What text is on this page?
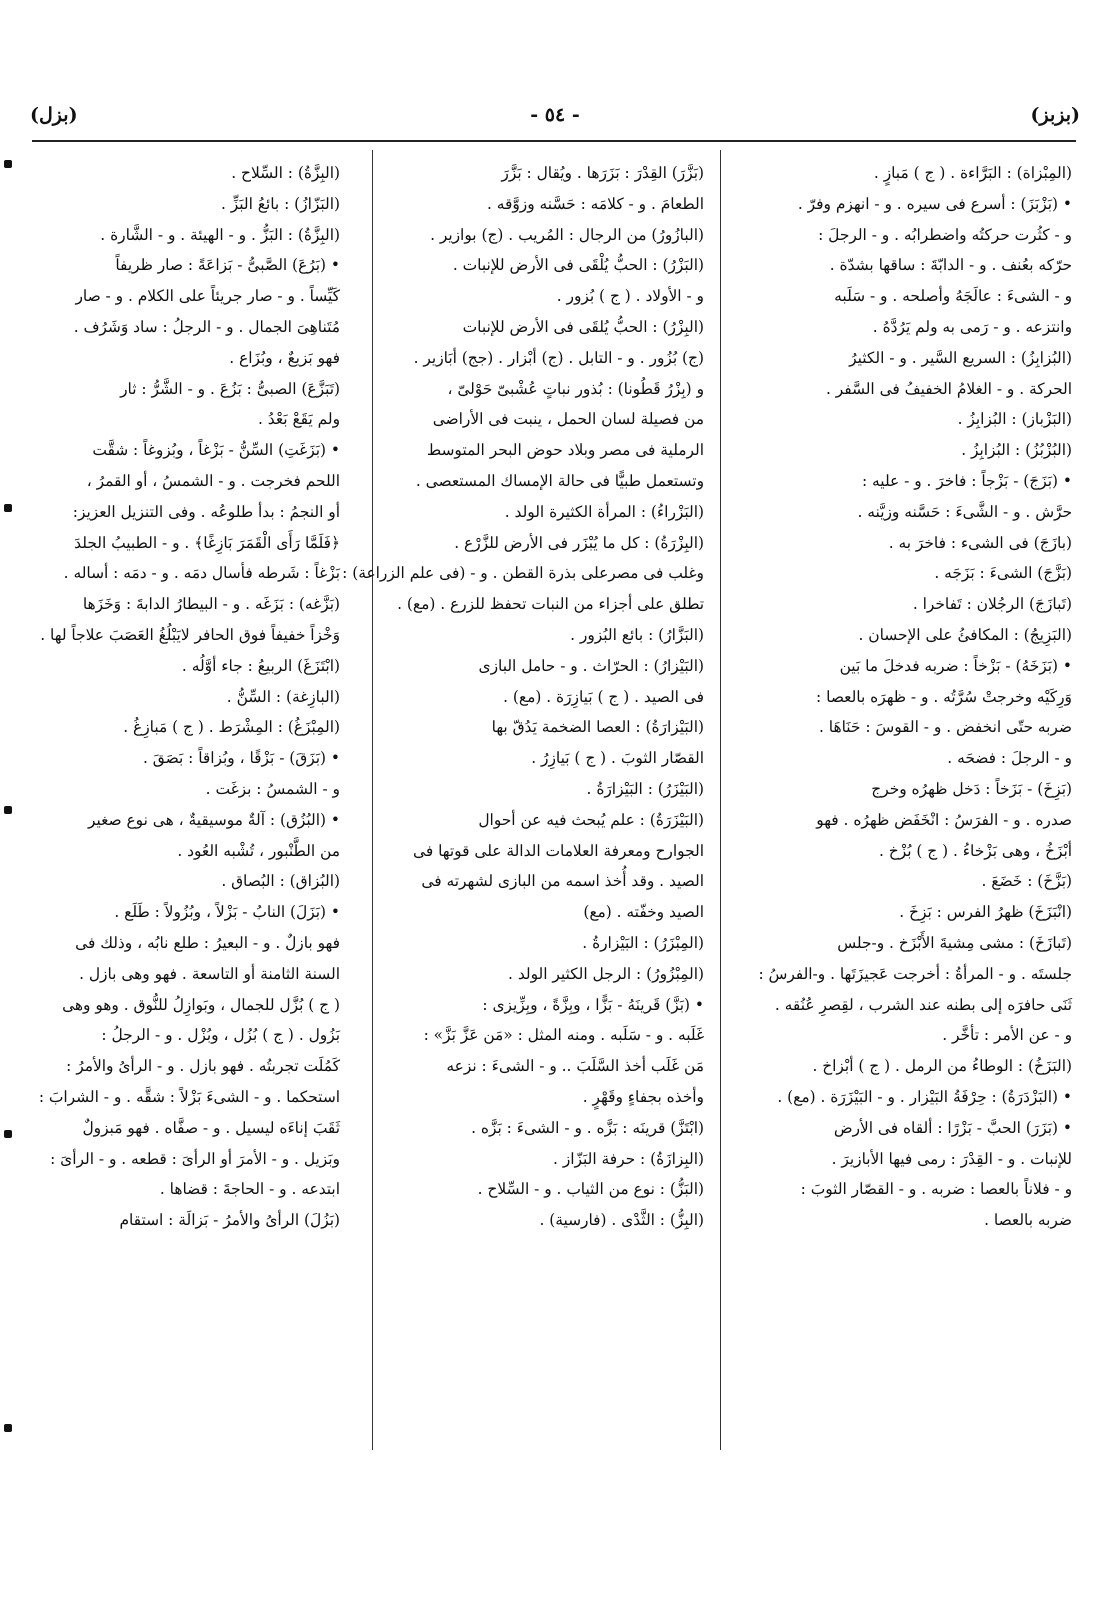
(بزبز)
- ٥٤ -
(بزل)
(المِبْزاة) : البَرَّاءة . ( ج ) مَبازٍ .
• (بَزْبَزَ) : أسرع فى سيره . و - انهزم وفرّ .
و - كثُرت حركتُه واضطرابُه . و - الرجلَ :
حرّكه بعُنف . و - الدابّةَ : ساقها بشدّة .
و - الشىءَ : عالَجَهُ وأصلحه . و - سَلَبه
وانتزعه . و - رَمى به ولم يَرُدَّهُ .
(البُزابِزُ) : السريع السَّير . و - الكثيرُ
الحركة . و - الغلامُ الخفيفُ فى السَّفر .
(البَزْباز) : البُزابِزُ .
(البُزْبُزُ) : البُزابِزُ .
• (بَزَجَ) - بَزْجاً : فاخرَ . و - عليه :
حرَّش . و - الشَّىءَ : حَسَّنه وزيَّنه .
(بازَجَ) فى الشىء : فاخرَ به .
(بَزَّجَ) الشىءَ : بَزَجَه .
(تَبازَجَ) الرجُلان : تَفاخرا .
(البَزِيجُ) : المكافئُ على الإحسان .
• (بَزَخَهُ) - بَزْخاً : ضربه فدخلَ ما بَين
وَرِكَيْه وخرجتْ سُرَّتُه . و - ظهرَه بالعصا :
ضربه حتّى انخفض . و - القوسَ : حَنَاهَا .
و - الرجلَ : فضحَه .
(بَزِخَ) - بَزَخاً : دَخل ظهرُه وخرج
صدره . و - الفرَسُ : انْخَفَض ظهرُه . فهو
أبْزَخُ ، وهى بَزْخاءُ . ( ج ) بُزْخ .
(بَزَّخَ) : خَضَعَ .
(انْبَزَخَ) ظهرُ الفرس : بَزِخَ .
(تَبازَخَ) : مشى مِشيةَ الأَبْزَخ . و-جلس
جلستَه . و - المرأةُ : أخرجت عَجيزَتَها . و-الفرسُ :
ثَنَى حافرَه إلى بطنه عند الشرب ، لقِصرِ عُنُقه .
و - عن الأمر : تأخَّر .
(البَزَخُ) : الوطاءُ من الرمل . ( ج ) أبْزاخ .
• (البَزْدَرَةُ) : حِرْفَةُ البَيْزار . و - البَيْزَرَة . (مع) .
• (بَزَرَ) الحبَّ - بَزْرًا : ألقاه فى الأرض
للإنبات . و - القِدْرَ : رمى فيها الأبازيرَ .
و - فلاناً بالعصا : ضربه . و - القصّار الثوبَ :
ضربه بالعصا .
(بَزَّرَ) القِدْرَ : بَزَرَها . ويُقال : بَزَّرَ
الطعامَ . و - كلامَه : حَسَّنه وزوَّقه .
(البازُورُ) من الرجال : المُريب . (ج) بوازير .
(البَزْرُ) : الحبُّ يُلْقَى فى الأرض للإنبات .
و - الأولاد . ( ج ) بُزور .
(البِزْرُ) : الحبُّ يُلقَى فى الأرض للإنبات
(ج) بُزُور . و - التابل . (ج) أبْزار . (جج) أبَازير .
و (بِزْرُ قَطُونا) : بُذور نباتٍ عُشْبىّ حَوْلىّ ،
من فصيلة لسان الحمل ، ينبت فى الأراضى
الرملية فى مصر وبلاد حوض البحر المتوسط
وتستعمل طبيًّا فى حالة الإمساك المستعصى .
(البَزْراءُ) : المرأة الكثيرة الولد .
(البِزْرَةُ) : كل ما يُبْزَر فى الأرض للزَّرْع .
وغلب فى مصرعلى بذرة القطن . و - (فى علم الزراعة) :
تطلق على أجزاء من النبات تحفظ للزرع . (مع) .
(البَزَّارُ) : بائع البُزور .
(البَيْزارُ) : الحرّاث . و - حامل البازى
فى الصيد . ( ج ) بَيازِرَة . (مع) .
(البَيْزارَةُ) : العصا الضخمة يَدُقّ بها
القصّار الثوبَ . ( ج ) بَيازِرُ .
(البَيْزَرُ) : البَيْزارَةُ .
(البَيْزَرَةُ) : علم يُبحث فيه عن أحوال
الجوارح ومعرفة العلامات الدالة على قوتها فى
الصيد . وقد أُخذ اسمه من البازى لشهرته فى
الصيد وخفّته . (مع)
(المِبْزَرُ) : البَيْزارةُ .
(المِبْزُورُ) : الرجل الكثير الولد .
• (بَزَّ) قَرينَهُ - بَزًّا ، وبِزَّةً ، وبِزِّيزى :
غَلَبه . و - سَلَبه . ومنه المثل : «مَن عَزَّ بَزَّ» :
مَن غَلَب أخذ السَّلَبَ .. و - الشىءَ : نزعه
وأخذه بجفاءٍ وقَهْرٍ .
(ابْتَزَّ) قرينَه : بَزَّه . و - الشىءَ : بَزَّه .
(البِزازَةُ) : حرفة البَزّاز .
(البَزُّ) : نوع من الثياب . و - السِّلاح .
(البِزُّ) : الثَّدْى . (فارسية) .
(البِزَّةُ) : السِّلاح .
(البَزّازُ) : بائعُ البَزِّ .
(البِزَّةُ) : البَزُّ . و - الهيئة . و - الشَّارة .
• (بَرُعَ) الصَّبىُّ - بَزاعَةً : صار ظريفاً
كَيِّساً . و - صار جريئاً على الكلام . و - صار
مُتَناهِىَ الجمال . و - الرجلُ : ساد وَشَرُف .
فهو بَزيعٌ ، وبُزَاع .
(تَبَزَّعَ) الصبىُّ : بَزُعَ . و - الشَّرُّ : ثار
ولم يَقَعْ بَعْدُ .
• (بَزَغَتِ) السِّنُّ - بَزْغاً ، وبُزوغاً : شقَّت
اللحم فخرجت . و - الشمسُ ، أو القمرُ ،
أو النجمُ : بدأ طلوعُه . وفى التنزيل العزيز:
﴿فَلَمَّا رَأَى الْقَمَرَ بَازِغًا﴾ . و - الطبيبُ الجلدَ
بَزْغاً : شَرطه فأسال دمَه . و - دمَه : أساله .
(بَزَّغه) : بَزَغَه . و - البيطارُ الدابةَ : وَخَزَها
وَخْزاً خفيفاً فوق الحافر لايَبْلُغُ العَصَبَ علاجاً لها .
(ابْتَزَغَ) الربيعُ : جاء أوَّلُه .
(البازِغة) : السِّنُّ .
(المِبْزَغُ) : المِشْرَط . ( ج ) مَبازِغُ .
• (بَزَقَ) - بَزْقًا ، وبُزاقاً : بَصَقَ .
و - الشمسُ : بزغَت .
• (البُزُق) : آلةٌ موسيقيةٌ ، هى نوع صغير
من الطَّنْبور ، تُشْبه العُود .
(البُزاق) : البُصاق .
• (بَزَلَ) النابُ - بَزْلاً ، وبُزُولاً : طَلَع .
فهو بازلٌ . و - البعيرُ : طلع نابُه ، وذلك فى
السنة الثامنة أو التاسعة . فهو وهى بازل .
( ج ) بُزَّل للجمال ، وبَوازِلُ للنُّوق . وهو وهى
بَزُول . ( ج ) بُزُل ، وبُزْل . و - الرجلُ :
كَمُلَت تجربتُه . فهو بازل . و - الرأىُ والأمرُ :
استحكما . و - الشىءَ بَزْلاً : شقَّه . و - الشرابَ :
ثَقَبَ إناءَه ليسيل . و - صفَّاه . فهو مَبزولٌ
وبَزيل . و - الأمرَ أو الرأىَ : قطعه . و - الرأىَ :
ابتدعه . و - الحاجةَ : قضاها .
(بَزُلَ) الرأىُ والأمرُ - بَزالَة : استقام
